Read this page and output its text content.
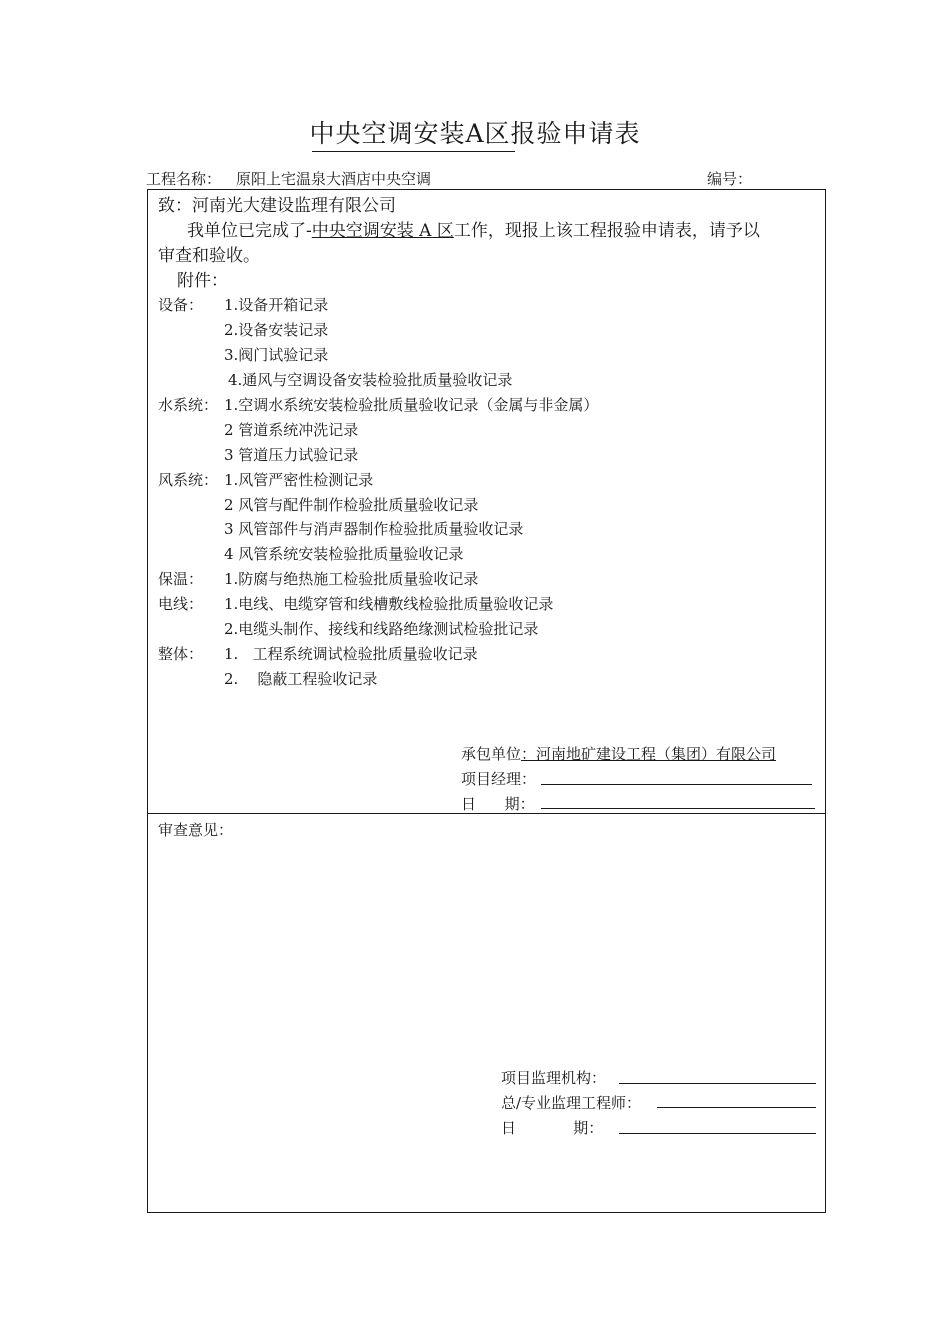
中央空调安装A区报验申请表
工程名称： 原阳上宅温泉大酒店中央空调	编号：
致：河南光大建设监理有限公司
我单位已完成了-中央空调安装 A 区工作，现报上该工程报验申请表，请予以
审查和验收。
附件：
设备： 1.设备开箱记录
2.设备安装记录
3.阀门试验记录
4.通风与空调设备安装检验批质量验收记录
水系统： 1.空调水系统安装检验批质量验收记录（金属与非金属）
2 管道系统冲洗记录
3 管道压力试验记录
风系统： 1.风管严密性检测记录
2 风管与配件制作检验批质量验收记录
3 风管部件与消声器制作检验批质量验收记录
4 风管系统安装检验批质量验收记录
保温： 1.防腐与绝热施工检验批质量验收记录
电线： 1.电线、电缆穿管和线槽敷线检验批质量验收记录
2.电缆头制作、接线和线路绝缘测试检验批记录
整体： 1.   工程系统调试检验批质量验收记录
2.    隐蔽工程验收记录
承包单位：河南地矿建设工程（集团）有限公司
项目经理：
日      期：
审查意见：
项目监理机构：
总/专业监理工程师：
日            期：
